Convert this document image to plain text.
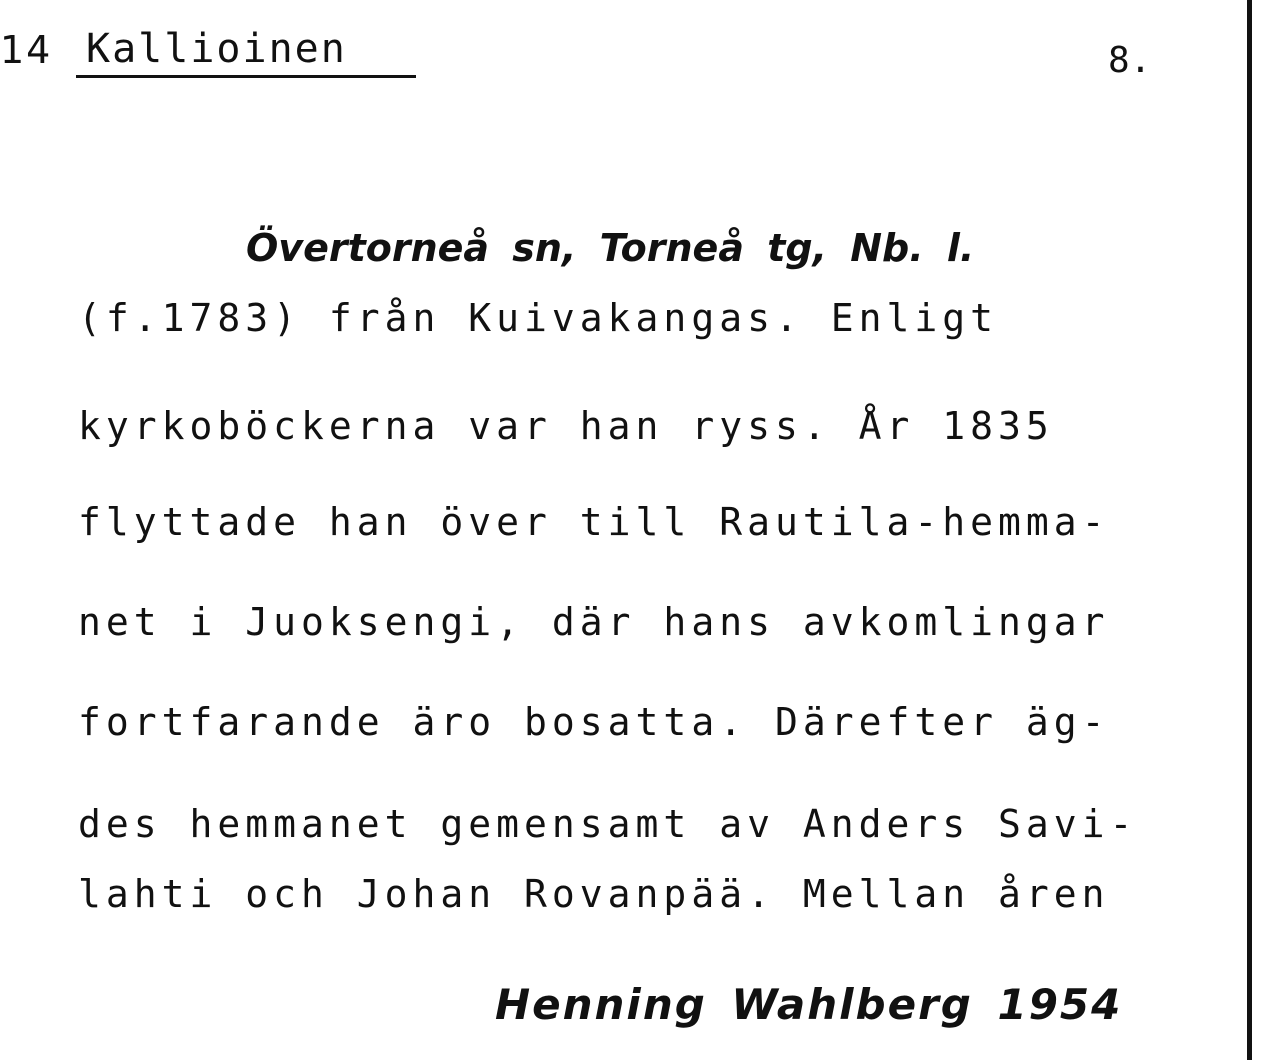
14 Kallioinen	8.
Övertorneå sn, Torneå tg, Nb. l.
(f.1783) från Kuivakangas. Enligt
kyrkoböckerna var han ryss. År 1835
flyttade han över till Rautila-hemma-
net i Juoksengi, där hans avkomlingar
fortfarande äro bosatta. Därefter äg-
des hemmanet gemensamt av Anders Savi-
lahti och Johan Rovanpää. Mellan åren
Henning Wahlberg 1954
